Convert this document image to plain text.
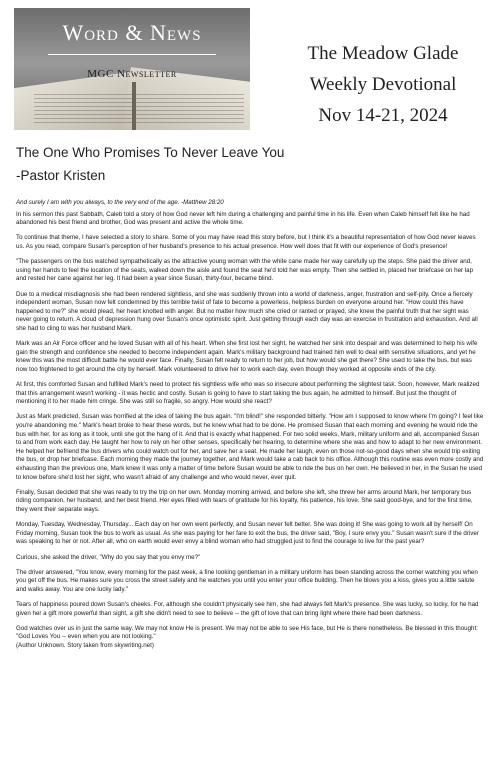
Word & News
MGC Newsletter
The Meadow Glade
Weekly Devotional
Nov 14-21, 2024
The One Who Promises To Never Leave You
-Pastor Kristen

And surely I am with you always, to the very end of the age. -Matthew 28:20

In his sermon this past Sabbath, Caleb told a story of how God never left him during a challenging and painful time in his life. Even when Caleb himself felt like he had abandoned his best friend and brother, God was present and active the whole time.

To continue that theme, I have selected a story to share. Some of you may have read this story before, but I think it's a beautiful representation of how God never leaves us. As you read, compare Susan's perception of her husband's presence to his actual presence. How well does that fit with our experience of God's presence!

"The passengers on the bus watched sympathetically as the attractive young woman with the white cane made her way carefully up the steps. She paid the driver and, using her hands to feel the location of the seats, walked down the aisle and found the seat he'd told her was empty. Then she settled in, placed her briefcase on her lap and rested her cane against her leg. It had been a year since Susan, thirty-four, became blind.

Due to a medical misdiagnosis she had been rendered sightless, and she was suddenly thrown into a world of darkness, anger, frustration and self-pity. Once a fiercely independent woman, Susan now felt condemned by this terrible twist of fate to become a powerless, helpless burden on everyone around her. "How could this have happened to me?" she would plead, her heart knotted with anger. But no matter how much she cried or ranted or prayed, she knew the painful truth that her sight was never going to return. A cloud of depression hung over Susan's once optimistic spirit. Just getting through each day was an exercise in frustration and exhaustion. And all she had to cling to was her husband Mark.

Mark was an Air Force officer and he loved Susan with all of his heart. When she first lost her sight, he watched her sink into despair and was determined to help his wife gain the strength and confidence she needed to become independent again. Mark's military background had trained him well to deal with sensitive situations, and yet he knew this was the most difficult battle he would ever face. Finally, Susan felt ready to return to her job, but how would she get there? She used to take the bus, but was now too frightened to get around the city by herself. Mark volunteered to drive her to work each day, even though they worked at opposite ends of the city.

At first, this comforted Susan and fulfilled Mark's need to protect his sightless wife who was so insecure about performing the slightest task. Soon, however, Mark realized that this arrangement wasn't working - it was hectic and costly. Susan is going to have to start taking the bus again, he admitted to himself. But just the thought of mentioning it to her made him cringe. She was still so fragile, so angry. How would she react?

Just as Mark predicted, Susan was horrified at the idea of taking the bus again. "I'm blind!" she responded bitterly. "How am I supposed to know where I'm going? I feel like you're abandoning me." Mark's heart broke to hear these words, but he knew what had to be done. He promised Susan that each morning and evening he would ride the bus with her, for as long as it took, until she got the hang of it. And that is exactly what happened. For two solid weeks, Mark, military uniform and all, accompanied Susan to and from work each day. He taught her how to rely on her other senses, specifically her hearing, to determine where she was and how to adapt to her new environment. He helped her befriend the bus drivers who could watch out for her, and save her a seat. He made her laugh, even on those not-so-good days when she would trip exiting the bus, or drop her briefcase. Each morning they made the journey together, and Mark would take a cab back to his office. Although this routine was even more costly and exhausting than the previous one, Mark knew it was only a matter of time before Susan would be able to ride the bus on her own. He believed in her, in the Susan he used to know before she'd lost her sight, who wasn't afraid of any challenge and who would never, ever quit.

Finally, Susan decided that she was ready to try the trip on her own. Monday morning arrived, and before she left, she threw her arms around Mark, her temporary bus riding companion, her husband, and her best friend. Her eyes filled with tears of gratitude for his loyalty, his patience, his love. She said good-bye, and for the first time, they went their separate ways.

Monday, Tuesday, Wednesday, Thursday... Each day on her own went perfectly, and Susan never felt better. She was doing it! She was going to work all by herself! On Friday morning, Susan took the bus to work as usual. As she was paying for her fare to exit the bus, the driver said, "Boy, I sure envy you." Susan wasn't sure if the driver was speaking to her or not. After all, who on earth would ever envy a blind woman who had struggled just to find the courage to live for the past year?

Curious, she asked the driver, "Why do you say that you envy me?"

The driver answered, "You know, every morning for the past week, a fine looking gentleman in a military uniform has been standing across the corner watching you when you get off the bus. He makes sure you cross the street safely and he watches you until you enter your office building. Then he blows you a kiss, gives you a little salute and walks away. You are one lucky lady."

Tears of happiness poured down Susan's cheeks. For, although she couldn't physically see him, she had always felt Mark's presence. She was lucky, so lucky, for he had given her a gift more powerful than sight, a gift she didn't need to see to believe -- the gift of love that can bring light where there had been darkness.

God watches over us in just the same way. We may not know He is present. We may not be able to see His face, but He is there nonetheless. Be blessed in this thought: "God Loves You -- even when you are not looking."

(Author Unknown. Story taken from skywriting.net)
